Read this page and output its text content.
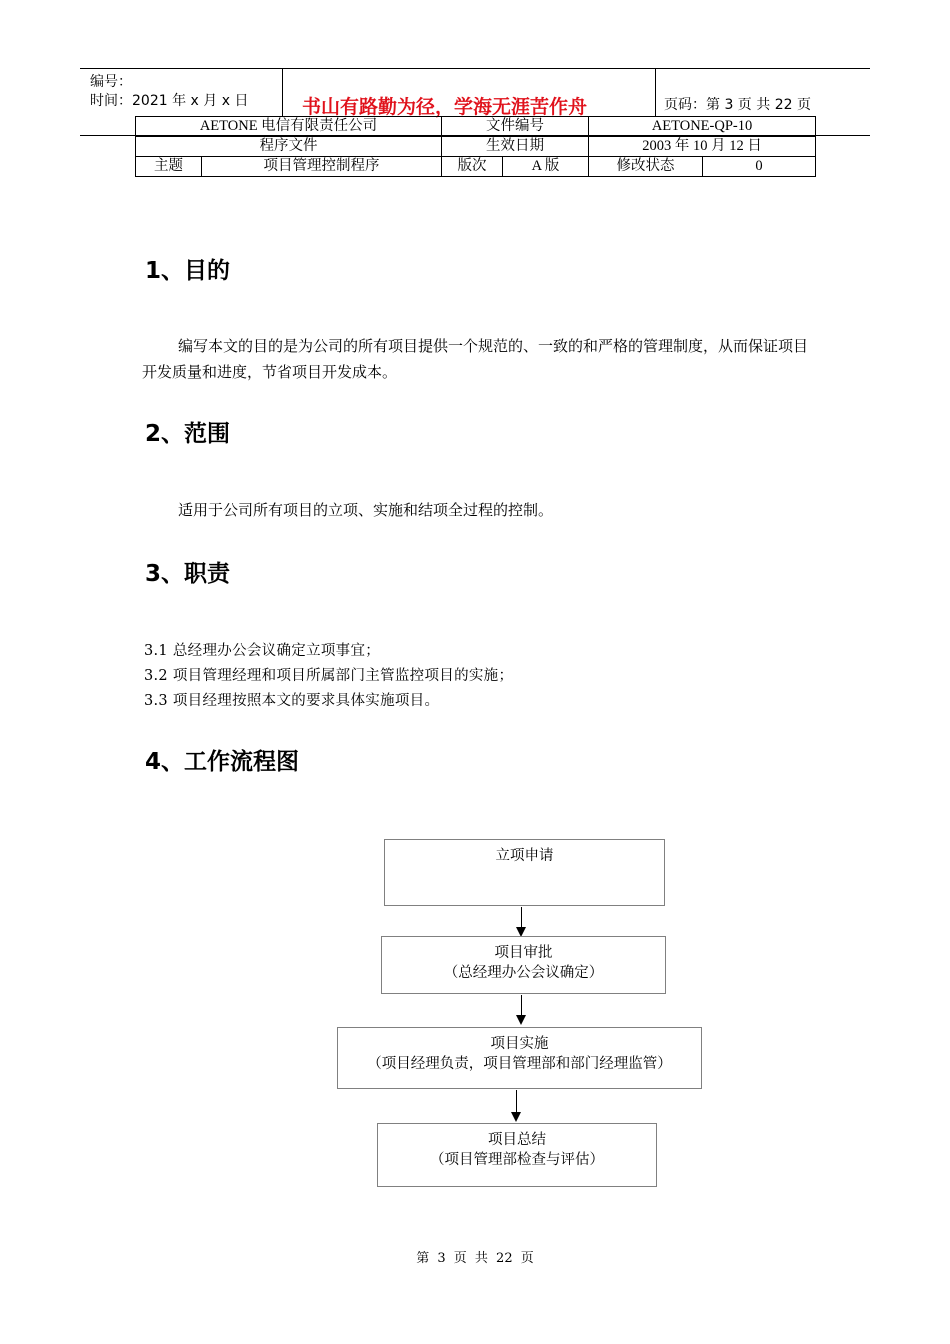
编号：
时间：2021 年 x 月 x 日	书山有路勤为径，学海无涯苦作舟	页码：第 3 页 共 22 页
AETONE 电信有限责任公司		文件编号		AETONE-QP-10	
程序文件		生效日期		2003 年 10 月 12 日	
主题	项目管理控制程序	版次	A 版	修改状态	0
1、目的
编写本文的目的是为公司的所有项目提供一个规范的、一致的和严格的管理制度，从而保证项目开发质量和进度，节省项目开发成本。
2、范围
适用于公司所有项目的立项、实施和结项全过程的控制。
3、职责
3.1 总经理办公会议确定立项事宜；
3.2 项目管理经理和项目所属部门主管监控项目的实施；
3.3 项目经理按照本文的要求具体实施项目。
4、工作流程图
立项申请
项目审批
（总经理办公会议确定）
项目实施
（项目经理负责，项目管理部和部门经理监管）
项目总结
（项目管理部检查与评估）
第 3 页 共 22 页
